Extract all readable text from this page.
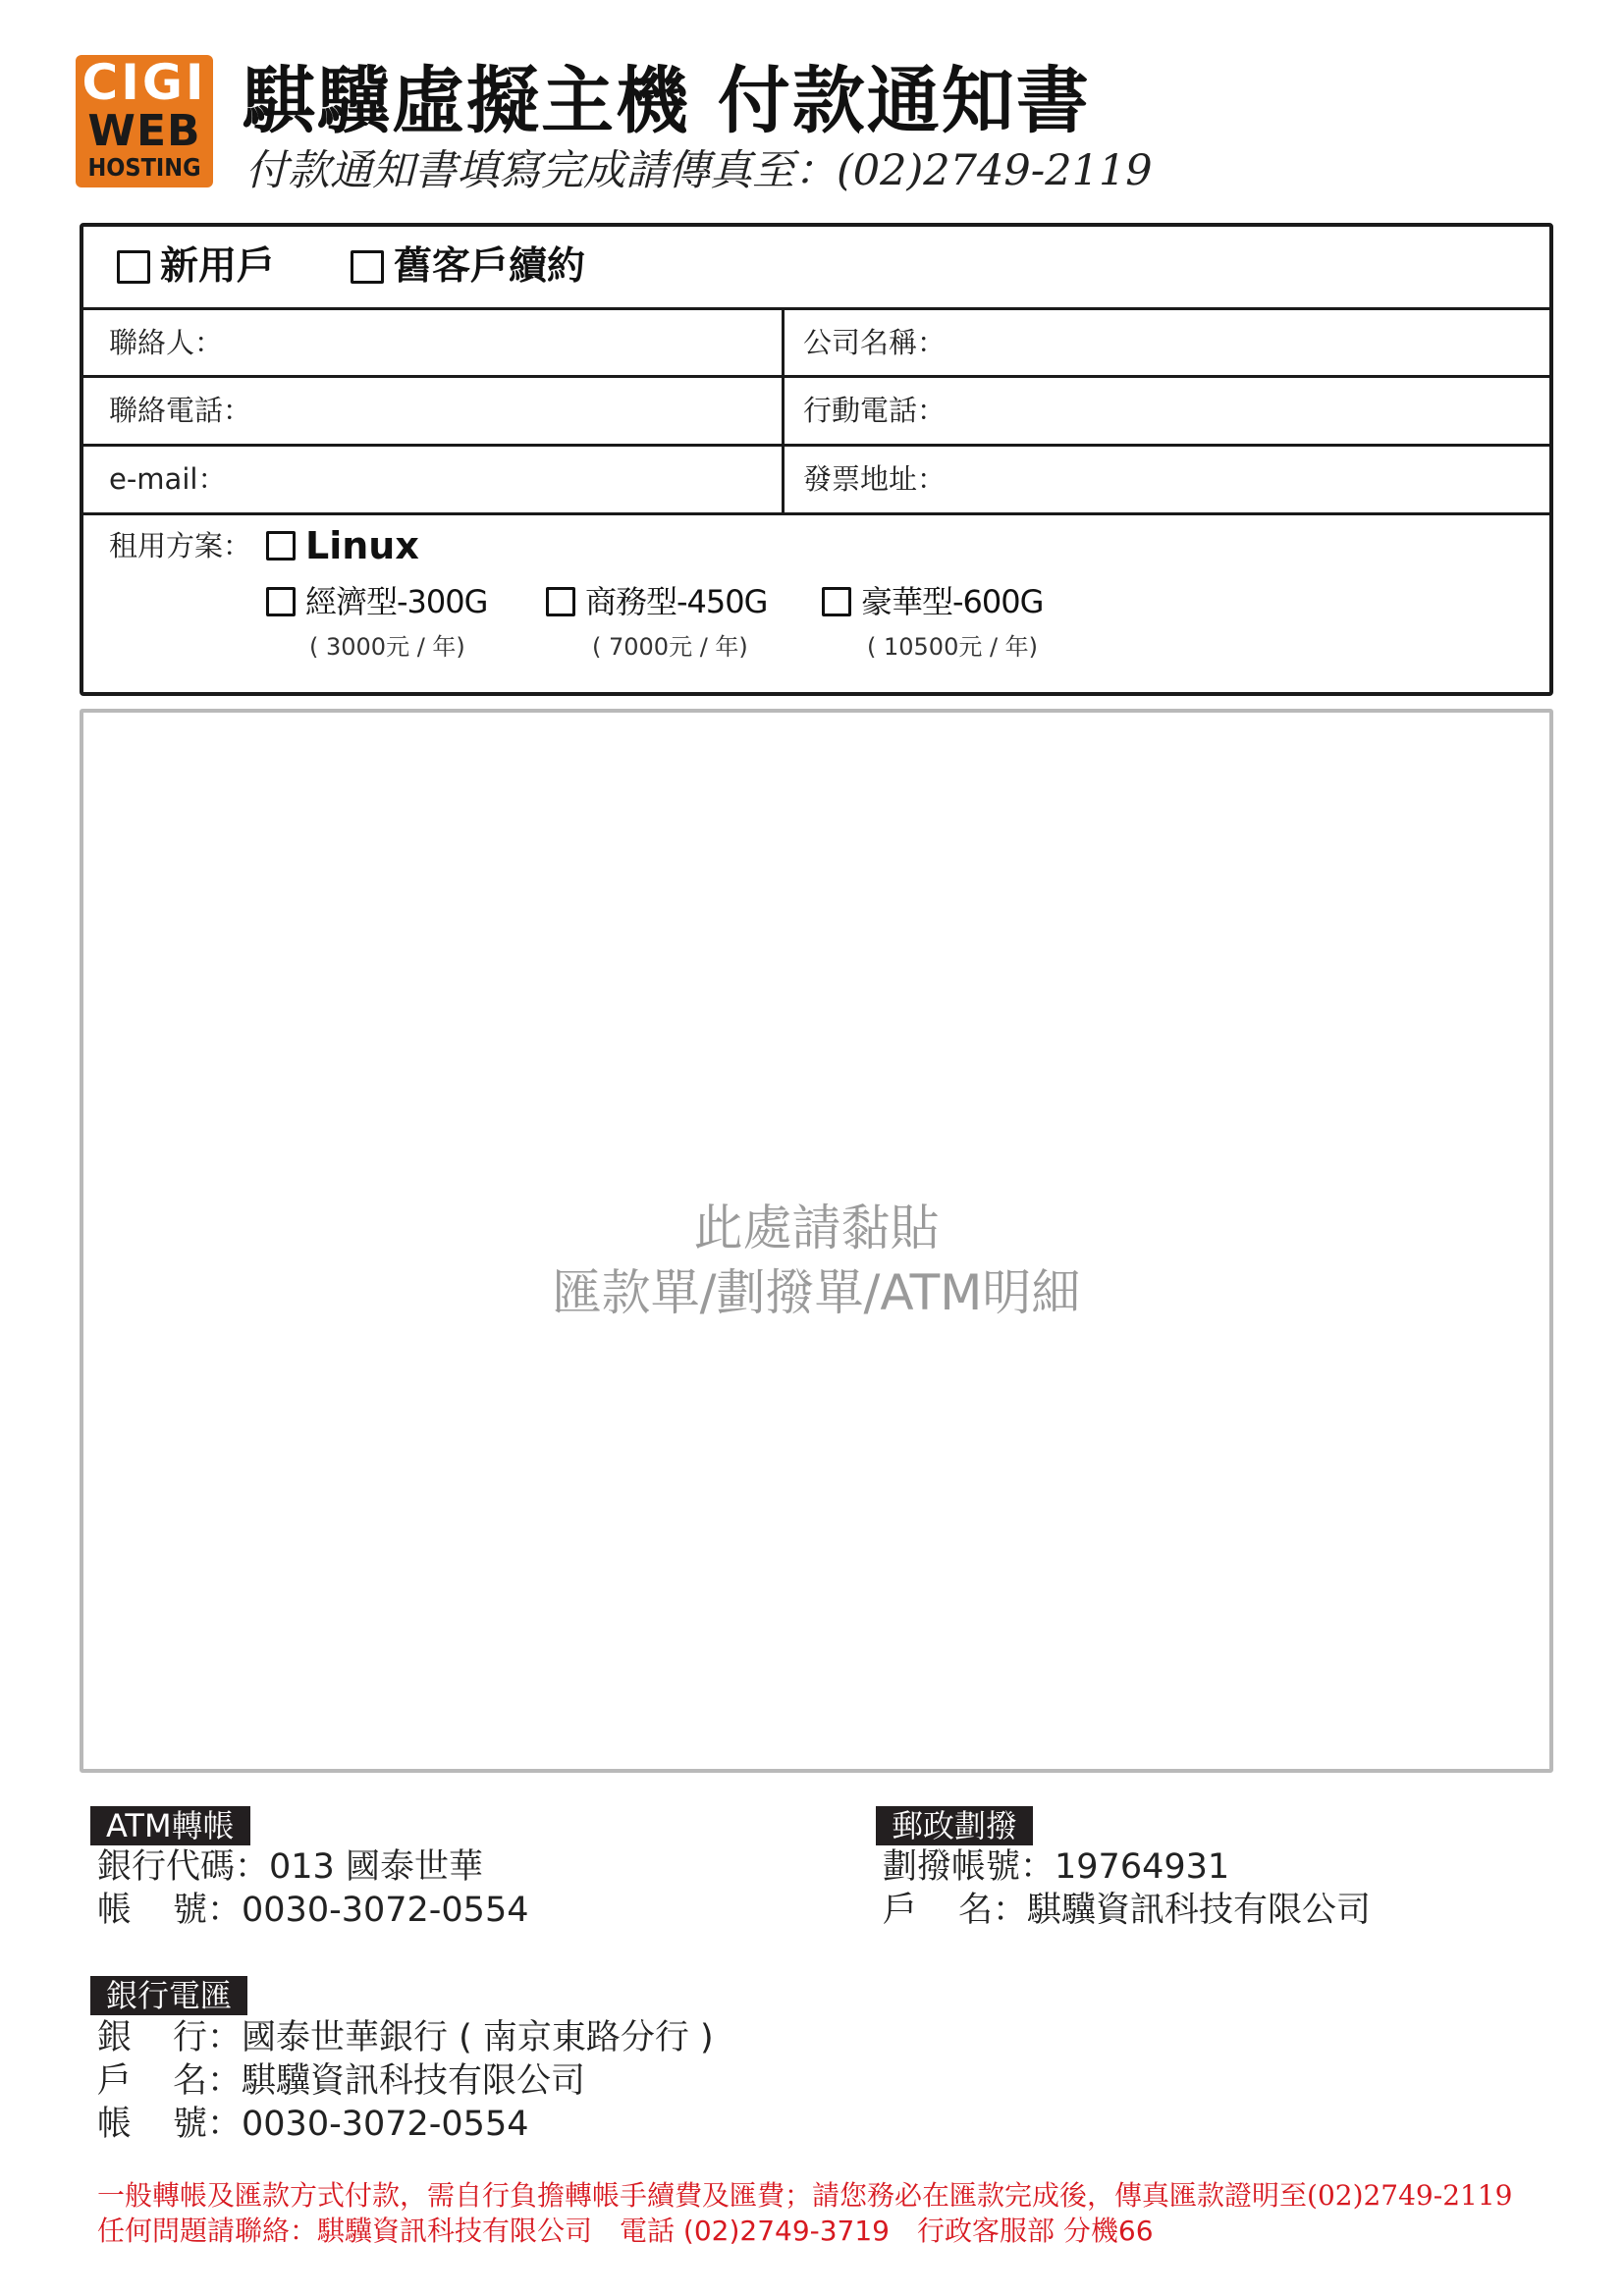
CIGI
WEB
HOSTING
騏驥虛擬主機 付款通知書
付款通知書填寫完成請傳真至：(02)2749-2119
新用戶	舊客戶續約
聯絡人：	公司名稱：
聯絡電話：	行動電話：
e-mail：	發票地址：
租用方案： Linux
經濟型-300G
( 3000元 / 年)
商務型-450G
( 7000元 / 年)
豪華型-600G
( 10500元 / 年)
此處請黏貼
匯款單/劃撥單/ATM明細
ATM轉帳
銀行代碼：013 國泰世華
帳號：0030-3072-0554
郵政劃撥
劃撥帳號：19764931
戶名：騏驥資訊科技有限公司
銀行電匯
銀行：國泰世華銀行 ( 南京東路分行 )
戶名：騏驥資訊科技有限公司
帳號：0030-3072-0554
一般轉帳及匯款方式付款，需自行負擔轉帳手續費及匯費；請您務必在匯款完成後，傳真匯款證明至(02)2749-2119
任何問題請聯絡：騏驥資訊科技有限公司　電話 (02)2749-3719　行政客服部 分機66
